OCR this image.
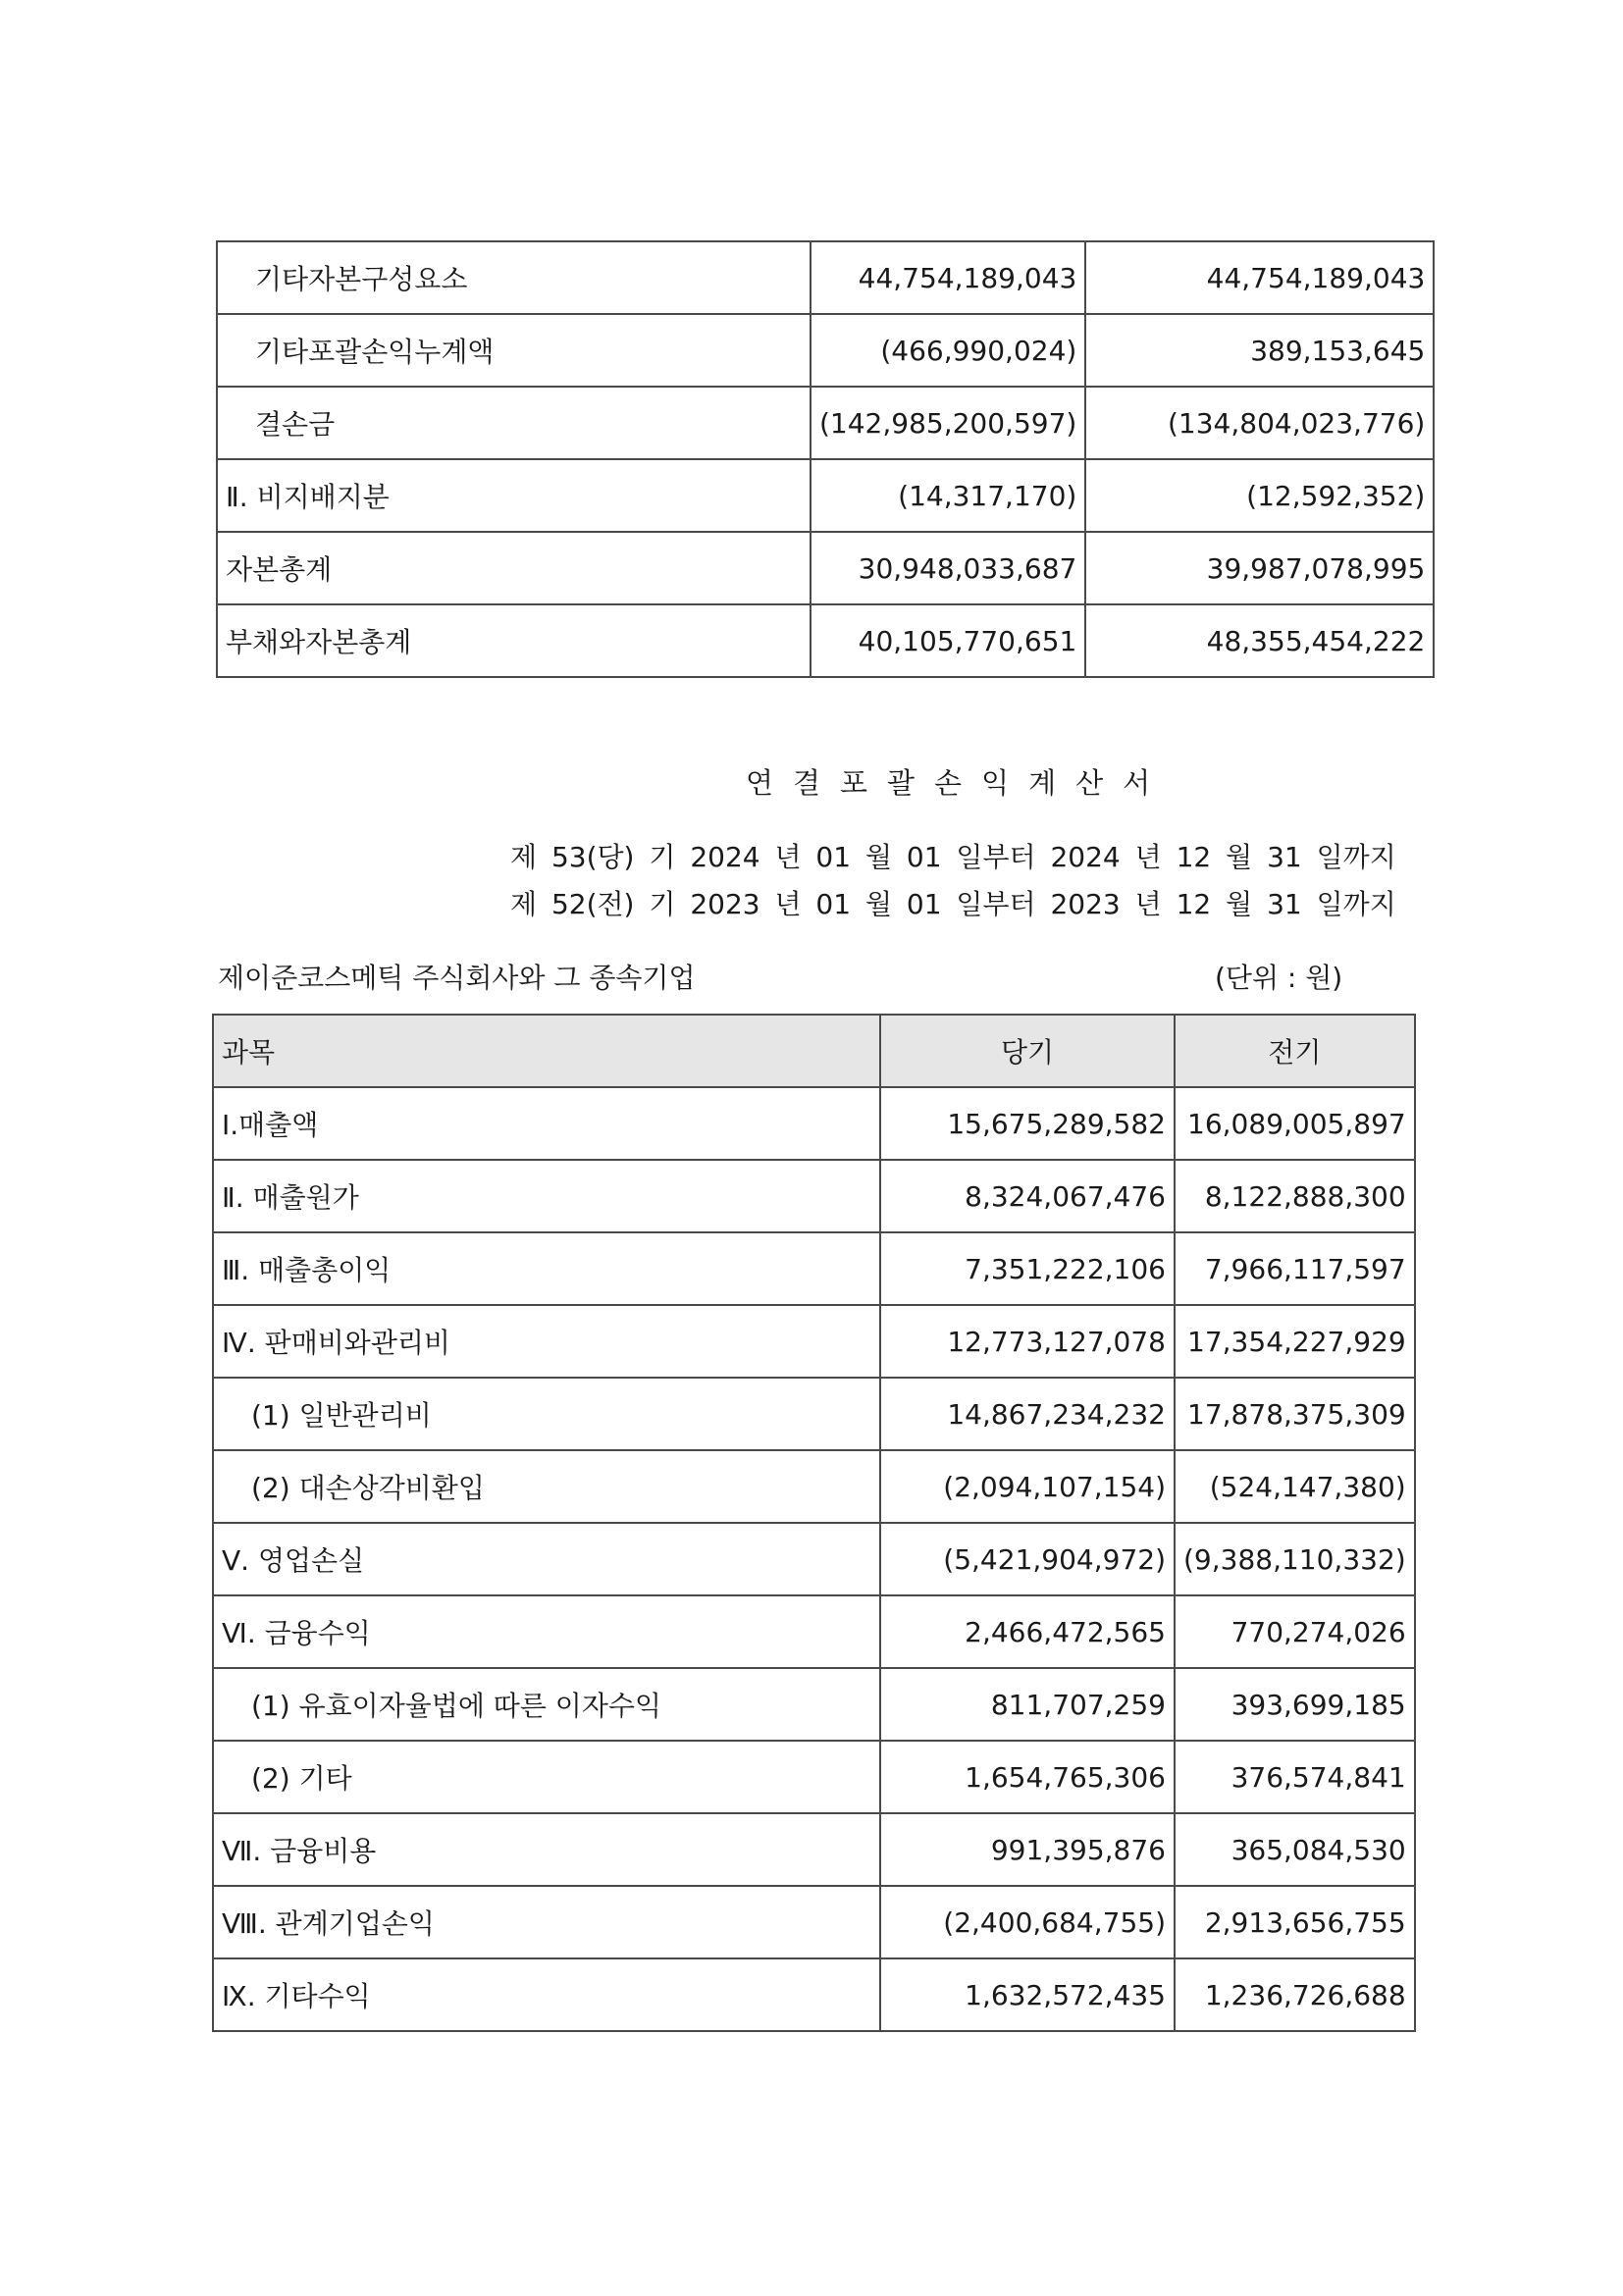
기타자본구성요소	44,754,189,043	44,754,189,043
기타포괄손익누계액	(466,990,024)	389,153,645
결손금	(142,985,200,597)	(134,804,023,776)
Ⅱ. 비지배지분	(14,317,170)	(12,592,352)
자본총계	30,948,033,687	39,987,078,995
부채와자본총계	40,105,770,651	48,355,454,222
연결포괄손익계산서
제 53(당) 기 2024 년 01 월 01 일부터 2024 년 12 월 31 일까지
제 52(전) 기 2023 년 01 월 01 일부터 2023 년 12 월 31 일까지
제이준코스메틱 주식회사와 그 종속기업	(단위 : 원)
과목	당기	전기
Ⅰ.매출액	15,675,289,582	16,089,005,897
Ⅱ. 매출원가	8,324,067,476	8,122,888,300
Ⅲ. 매출총이익	7,351,222,106	7,966,117,597
Ⅳ. 판매비와관리비	12,773,127,078	17,354,227,929
(1) 일반관리비	14,867,234,232	17,878,375,309
(2) 대손상각비환입	(2,094,107,154)	(524,147,380)
Ⅴ. 영업손실	(5,421,904,972)	(9,388,110,332)
Ⅵ. 금융수익	2,466,472,565	770,274,026
(1) 유효이자율법에 따른 이자수익	811,707,259	393,699,185
(2) 기타	1,654,765,306	376,574,841
Ⅶ. 금융비용	991,395,876	365,084,530
Ⅷ. 관계기업손익	(2,400,684,755)	2,913,656,755
Ⅸ. 기타수익	1,632,572,435	1,236,726,688
